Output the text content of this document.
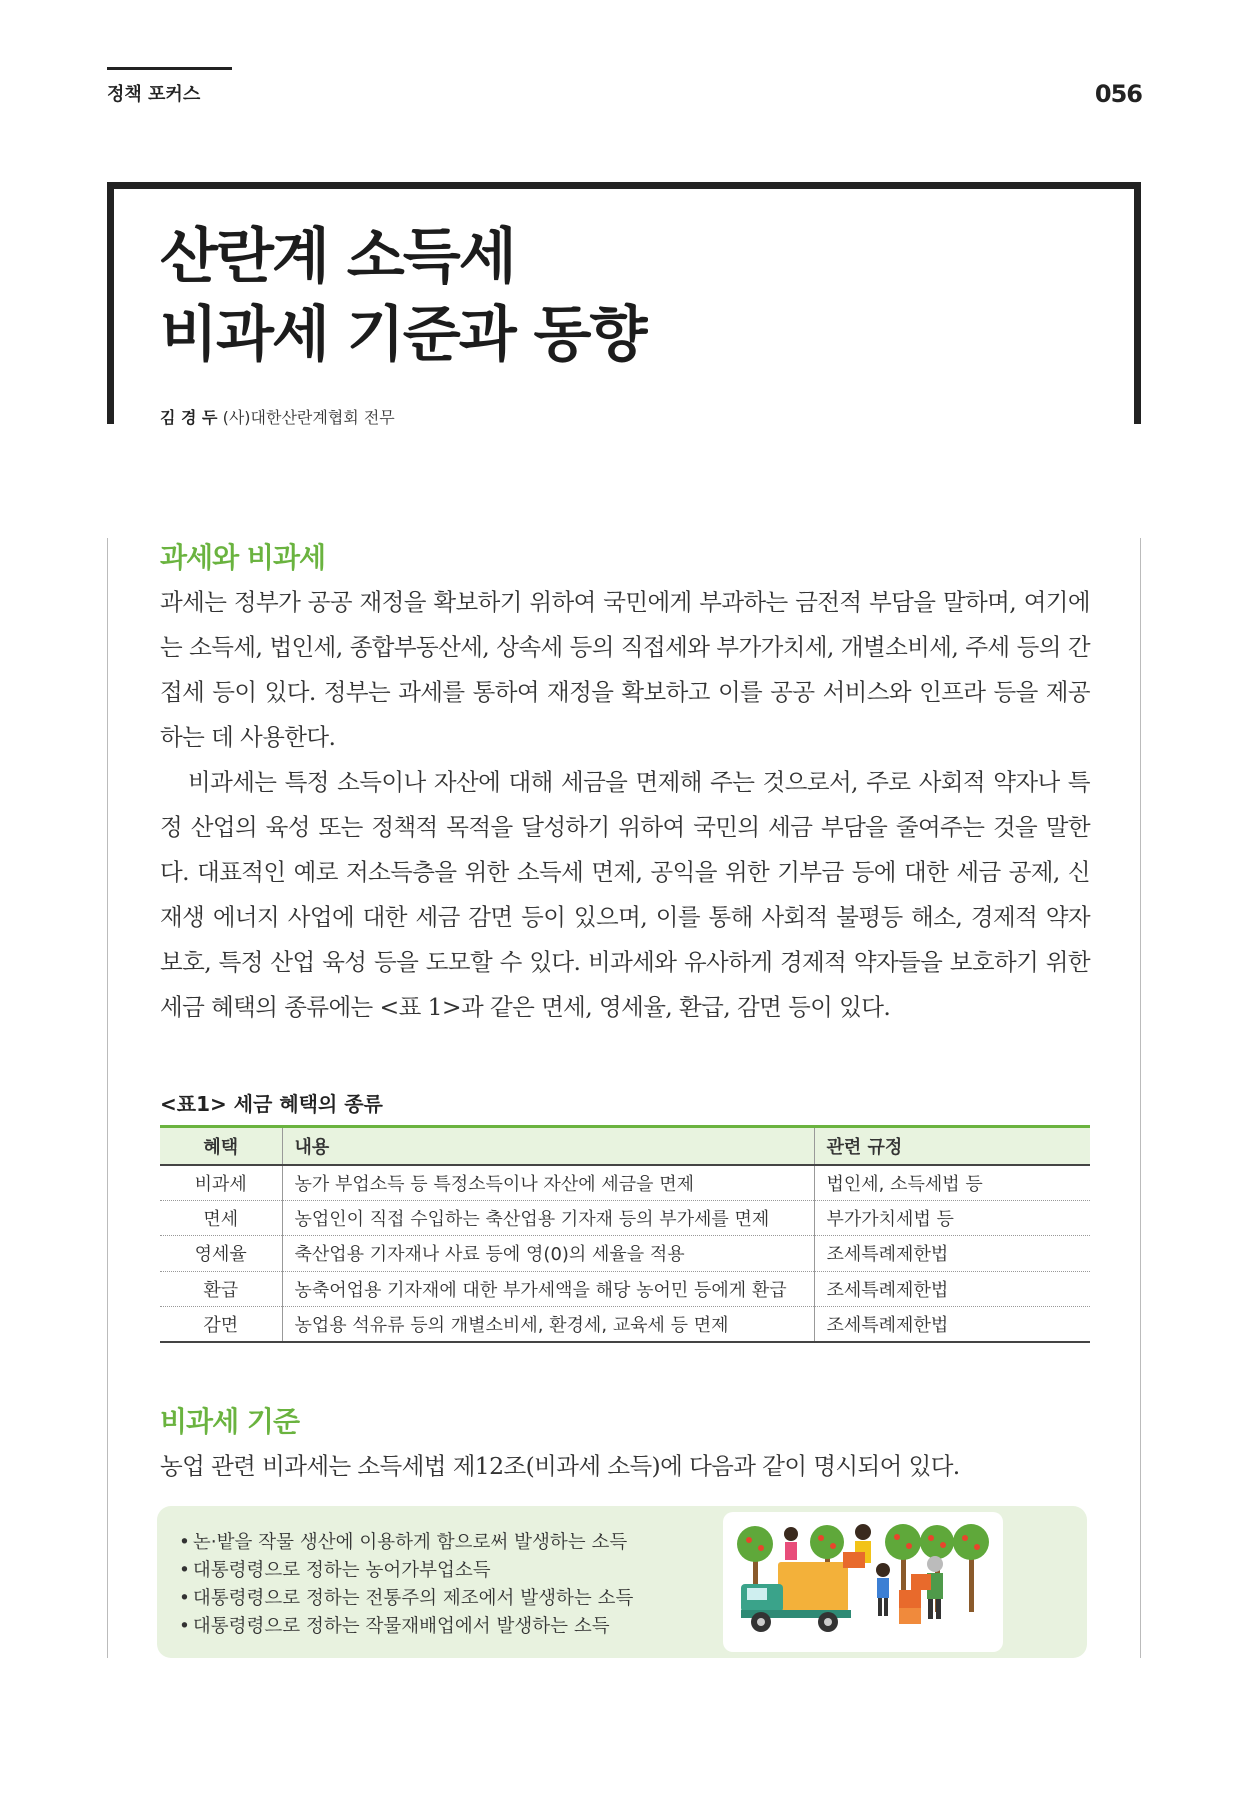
정책 포커스	056
산란계 소득세
비과세 기준과 동향
김 경 두 (사)대한산란계협회 전무
과세와 비과세

과세는 정부가 공공 재정을 확보하기 위하여 국민에게 부과하는 금전적 부담을 말하며, 여기에는 소득세, 법인세, 종합부동산세, 상속세 등의 직접세와 부가가치세, 개별소비세, 주세 등의 간접세 등이 있다. 정부는 과세를 통하여 재정을 확보하고 이를 공공 서비스와 인프라 등을 제공하는 데 사용한다.

비과세는 특정 소득이나 자산에 대해 세금을 면제해 주는 것으로서, 주로 사회적 약자나 특정 산업의 육성 또는 정책적 목적을 달성하기 위하여 국민의 세금 부담을 줄여주는 것을 말한다. 대표적인 예로 저소득층을 위한 소득세 면제, 공익을 위한 기부금 등에 대한 세금 공제, 신재생 에너지 사업에 대한 세금 감면 등이 있으며, 이를 통해 사회적 불평등 해소, 경제적 약자 보호, 특정 산업 육성 등을 도모할 수 있다. 비과세와 유사하게 경제적 약자들을 보호하기 위한 세금 혜택의 종류에는 <표 1>과 같은 면세, 영세율, 환급, 감면 등이 있다.

<표1> 세금 혜택의 종류
혜택	내용	관련 규정
비과세	농가 부업소득 등 특정소득이나 자산에 세금을 면제	법인세, 소득세법 등
면세	농업인이 직접 수입하는 축산업용 기자재 등의 부가세를 면제	부가가치세법 등
영세율	축산업용 기자재나 사료 등에 영(0)의 세율을 적용	조세특례제한법
환급	농축어업용 기자재에 대한 부가세액을 해당 농어민 등에게 환급	조세특례제한법
감면	농업용 석유류 등의 개별소비세, 환경세, 교육세 등 면제	조세특례제한법
비과세 기준

농업 관련 비과세는 소득세법 제12조(비과세 소득)에 다음과 같이 명시되어 있다.

• 논·밭을 작물 생산에 이용하게 함으로써 발생하는 소득
• 대통령령으로 정하는 농어가부업소득
• 대통령령으로 정하는 전통주의 제조에서 발생하는 소득
• 대통령령으로 정하는 작물재배업에서 발생하는 소득
